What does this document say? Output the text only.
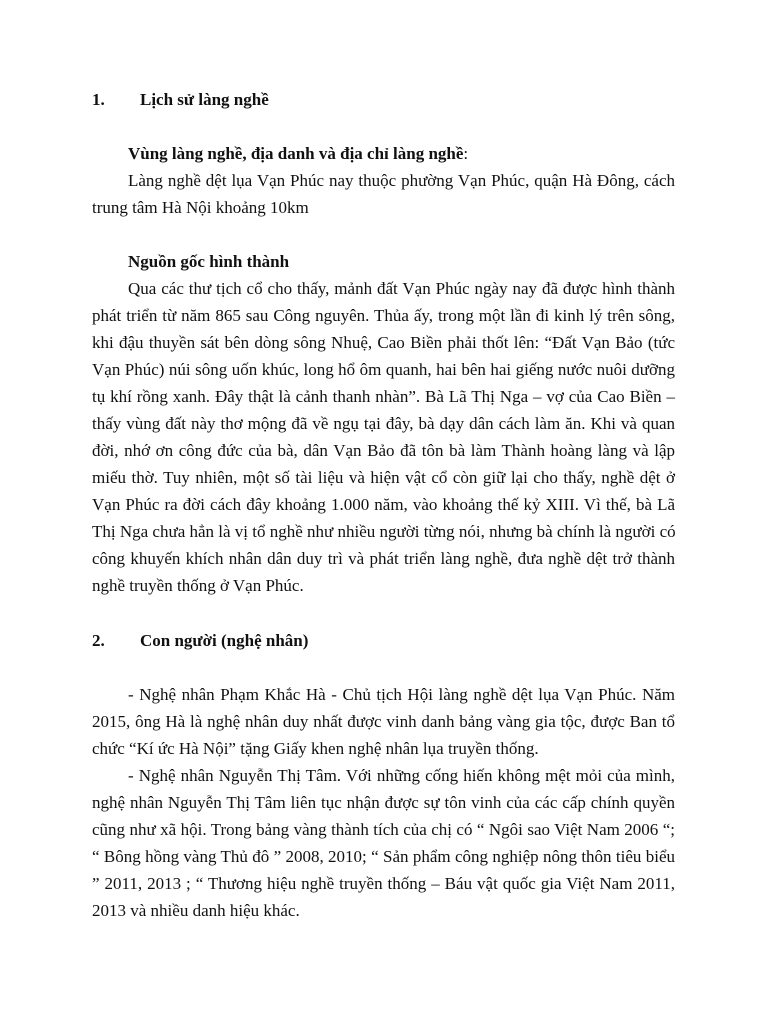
1. Lịch sử làng nghề
Vùng làng nghề, địa danh và địa chỉ làng nghề:
Làng nghề dệt lụa Vạn Phúc nay thuộc phường Vạn Phúc, quận Hà Đông, cách
trung tâm Hà Nội khoảng 10km
Nguồn gốc hình thành
Qua các thư tịch cổ cho thấy, mảnh đất Vạn Phúc ngày nay đã được hình thành
phát triển từ năm 865 sau Công nguyên. Thủa ấy, trong một lần đi kinh lý trên sông,
khi đậu thuyền sát bên dòng sông Nhuệ, Cao Biền phải thốt lên: “Đất Vạn Bảo (tức
Vạn Phúc) núi sông uốn khúc, long hổ ôm quanh, hai bên hai giếng nước nuôi dưỡng
tụ khí rồng xanh. Đây thật là cảnh thanh nhàn”. Bà Lã Thị Nga – vợ của Cao Biền –
thấy vùng đất này thơ mộng đã về ngụ tại đây, bà dạy dân cách làm ăn. Khi và quan
đời, nhớ ơn công đức của bà, dân Vạn Bảo đã tôn bà làm Thành hoàng làng và lập
miếu thờ. Tuy nhiên, một số tài liệu và hiện vật cổ còn giữ lại cho thấy, nghề dệt ở
Vạn Phúc ra đời cách đây khoảng 1.000 năm, vào khoảng thế kỷ XIII. Vì thế, bà Lã
Thị Nga chưa hẳn là vị tổ nghề như nhiều người từng nói, nhưng bà chính là người có
công khuyến khích nhân dân duy trì và phát triển làng nghề, đưa nghề dệt trở thành
nghề truyền thống ở Vạn Phúc.
2. Con người (nghệ nhân)
- Nghệ nhân Phạm Khắc Hà - Chủ tịch Hội làng nghề dệt lụa Vạn Phúc. Năm
2015, ông Hà là nghệ nhân duy nhất được vinh danh bảng vàng gia tộc, được Ban tổ
chức “Kí ức Hà Nội” tặng Giấy khen nghệ nhân lụa truyền thống.
- Nghệ nhân Nguyễn Thị Tâm. Với những cống hiến không mệt mỏi của mình,
nghệ nhân Nguyễn Thị Tâm liên tục nhận được sự tôn vinh của các cấp chính quyền
cũng như xã hội. Trong bảng vàng thành tích của chị có “ Ngôi sao Việt Nam 2006 “;
“ Bông hồng vàng Thủ đô ” 2008, 2010; “ Sản phẩm công nghiệp nông thôn tiêu biểu
” 2011, 2013 ; “ Thương hiệu nghề truyền thống – Báu vật quốc gia Việt Nam 2011,
2013 và nhiều danh hiệu khác.
